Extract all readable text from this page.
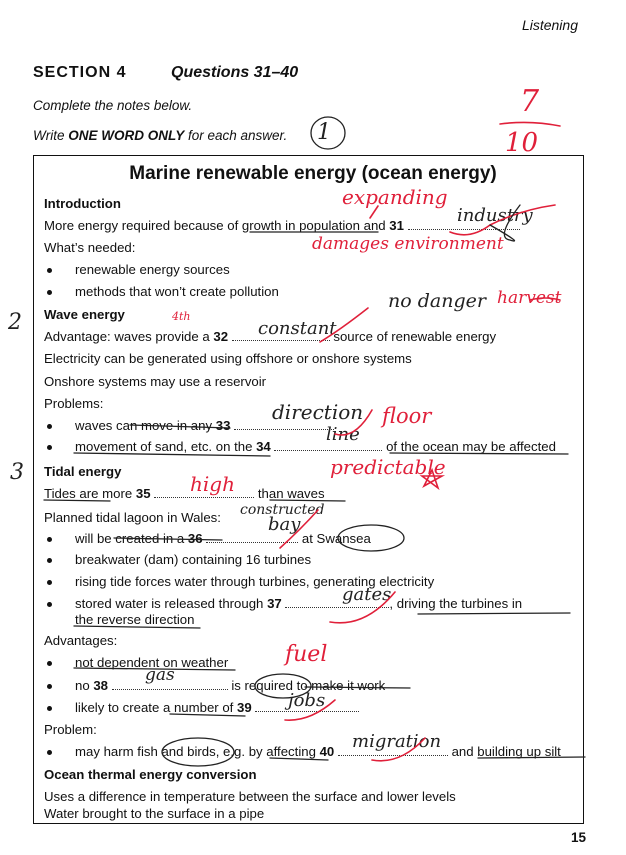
Listening
SECTION 4	Questions 31–40
Complete the notes below.
Write ONE WORD ONLY for each answer.
Marine renewable energy (ocean energy)
Introduction
More energy required because of growth in population and 31
What’s needed:
renewable energy sources
methods that won’t create pollution
Wave energy
Advantage: waves provide a 32	source of renewable energy
Electricity can be generated using offshore or onshore systems
Onshore systems may use a reservoir
Problems:
waves can move in any 33
movement of sand, etc. on the 34	of the ocean may be affected
Tidal energy
Tides are more 35	than waves
Planned tidal lagoon in Wales:
will be created in a 36	at Swansea
breakwater (dam) containing 16 turbines
rising tide forces water through turbines, generating electricity
stored water is released through 37	, driving the turbines in
the reverse direction
Advantages:
not dependent on weather
no 38	is required to make it work
likely to create a number of 39
Problem:
may harm fish and birds, e.g. by affecting 40	and building up silt
Ocean thermal energy conversion
Uses a difference in temperature between the surface and lower levels
Water brought to the surface in a pipe
15
7
10
1
expanding
industry
damages environment
no danger harvest
4th
constant
2
direction floor
line
3	predictable
high
constructed
bay
gates
fuel
gas
jobs
migration
